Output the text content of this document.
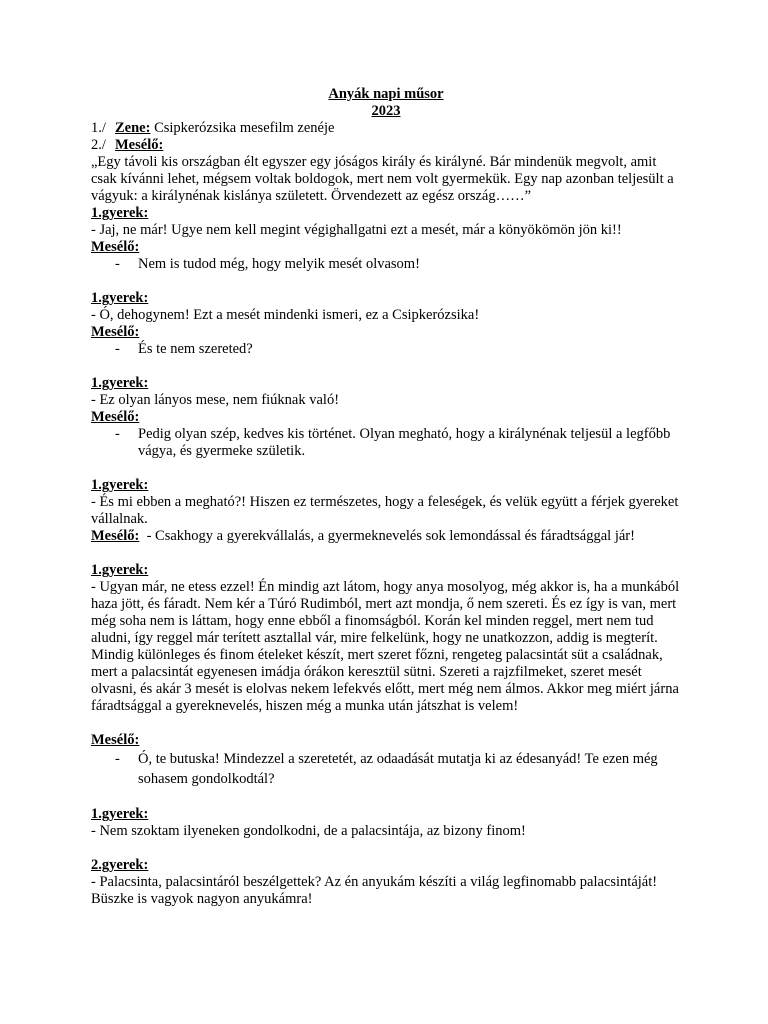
Anyák napi műsor
2023
1./ Zene: Csipkerózsika mesefilm zenéje
2./ Mesélő:
„Egy távoli kis országban élt egyszer egy jóságos király és királyné. Bár mindenük megvolt, amit csak kívánni lehet, mégsem voltak boldogok, mert nem volt gyermekük. Egy nap azonban teljesült a vágyuk: a királynénak kislánya született. Örvendezett az egész ország……”
1.gyerek:
- Jaj, ne már! Ugye nem kell megint végighallgatni ezt a mesét, már a könyökömön jön ki!!
Mesélő:
- Nem is tudod még, hogy melyik mesét olvasom!
1.gyerek:
- Ó, dehogynem! Ezt a mesét mindenki ismeri, ez a Csipkerózsika!
Mesélő:
- És te nem szereted?
1.gyerek:
- Ez olyan lányos mese, nem fiúknak való!
Mesélő:
- Pedig olyan szép, kedves kis történet. Olyan megható, hogy a királynénak teljesül a legfőbb vágya, és gyermeke születik.
1.gyerek:
- És mi ebben a megható?! Hiszen ez természetes, hogy a feleségek, és velük együtt a férjek gyereket vállalnak.
Mesélő:  - Csakhogy a gyerekvállalás, a gyermeknevelés sok lemondással és fáradtsággal jár!
1.gyerek:
- Ugyan már, ne etess ezzel! Én mindig azt látom, hogy anya mosolyog, még akkor is, ha a munkából haza jött, és fáradt. Nem kér a Túró Rudimból, mert azt mondja, ő nem szereti. És ez így is van, mert még soha nem is láttam, hogy enne ebből a finomságból. Korán kel minden reggel, mert nem tud aludni, így reggel már terített asztallal vár, mire felkelünk, hogy ne unatkozzon, addig is megterít. Mindig különleges és finom ételeket készít, mert szeret főzni, rengeteg palacsintát süt a családnak, mert a palacsintát egyenesen imádja órákon keresztül sütni. Szereti a rajzfilmeket, szeret mesét olvasni, és akár 3 mesét is elolvas nekem lefekvés előtt, mert még nem álmos. Akkor meg miért járna fáradtsággal a gyereknevelés, hiszen még a munka után játszhat is velem!
Mesélő:
- Ó, te butuska! Mindezzel a szeretetét, az odaadását mutatja ki az édesanyád! Te ezen még sohasem gondolkodtál?
1.gyerek:
- Nem szoktam ilyeneken gondolkodni, de a palacsintája, az bizony finom!
2.gyerek:
- Palacsinta, palacsintáról beszélgettek? Az én anyukám készíti a világ legfinomabb palacsintáját! Büszke is vagyok nagyon anyukámra!
